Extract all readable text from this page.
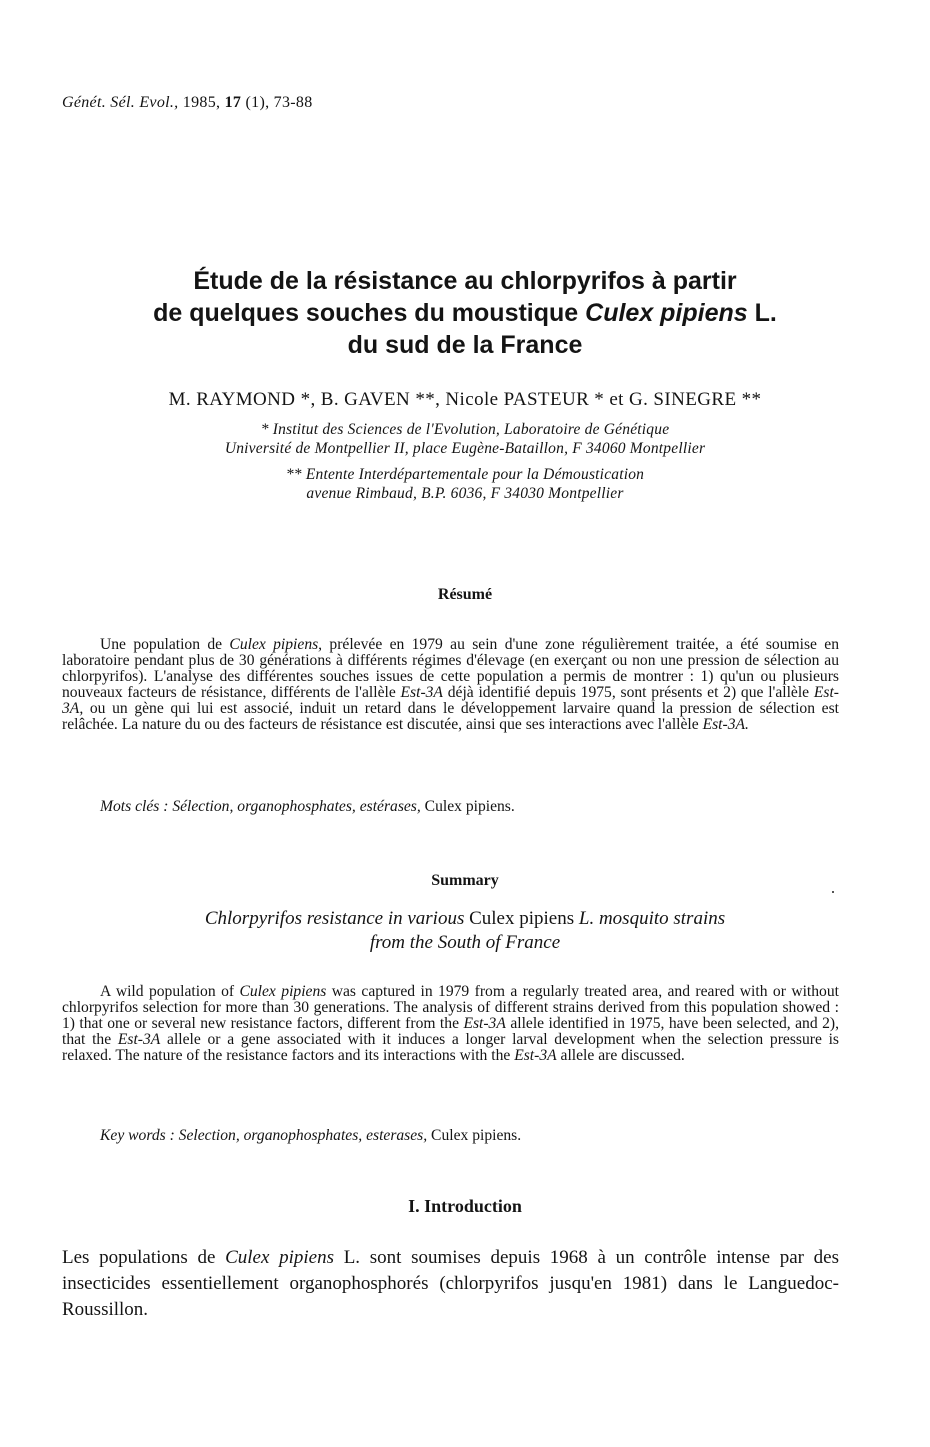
Génét. Sél. Evol., 1985, 17 (1), 73-88
Étude de la résistance au chlorpyrifos à partir
de quelques souches du moustique Culex pipiens L.
du sud de la France
M. RAYMOND *, B. GAVEN **, Nicole PASTEUR * et G. SINEGRE **
* Institut des Sciences de l'Evolution, Laboratoire de Génétique
Université de Montpellier II, place Eugène-Bataillon, F 34060 Montpellier
** Entente Interdépartementale pour la Démoustication
avenue Rimbaud, B.P. 6036, F 34030 Montpellier
Résumé
Une population de Culex pipiens, prélevée en 1979 au sein d'une zone régulièrement traitée, a été soumise en laboratoire pendant plus de 30 générations à différents régimes d'élevage (en exerçant ou non une pression de sélection au chlorpyrifos). L'analyse des différentes souches issues de cette population a permis de montrer : 1) qu'un ou plusieurs nouveaux facteurs de résistance, différents de l'allèle Est-3A déjà identifié depuis 1975, sont présents et 2) que l'allèle Est-3A, ou un gène qui lui est associé, induit un retard dans le développement larvaire quand la pression de sélection est relâchée. La nature du ou des facteurs de résistance est discutée, ainsi que ses interactions avec l'allèle Est-3A.
Mots clés : Sélection, organophosphates, estérases, Culex pipiens.
Summary
Chlorpyrifos resistance in various Culex pipiens L. mosquito strains
from the South of France
A wild population of Culex pipiens was captured in 1979 from a regularly treated area, and reared with or without chlorpyrifos selection for more than 30 generations. The analysis of different strains derived from this population showed : 1) that one or several new resistance factors, different from the Est-3A allele identified in 1975, have been selected, and 2), that the Est-3A allele or a gene associated with it induces a longer larval development when the selection pressure is relaxed. The nature of the resistance factors and its interactions with the Est-3A allele are discussed.
Key words : Selection, organophosphates, esterases, Culex pipiens.
I. Introduction
Les populations de Culex pipiens L. sont soumises depuis 1968 à un contrôle intense par des insecticides essentiellement organophosphorés (chlorpyrifos jusqu'en 1981) dans le Languedoc-Roussillon.
